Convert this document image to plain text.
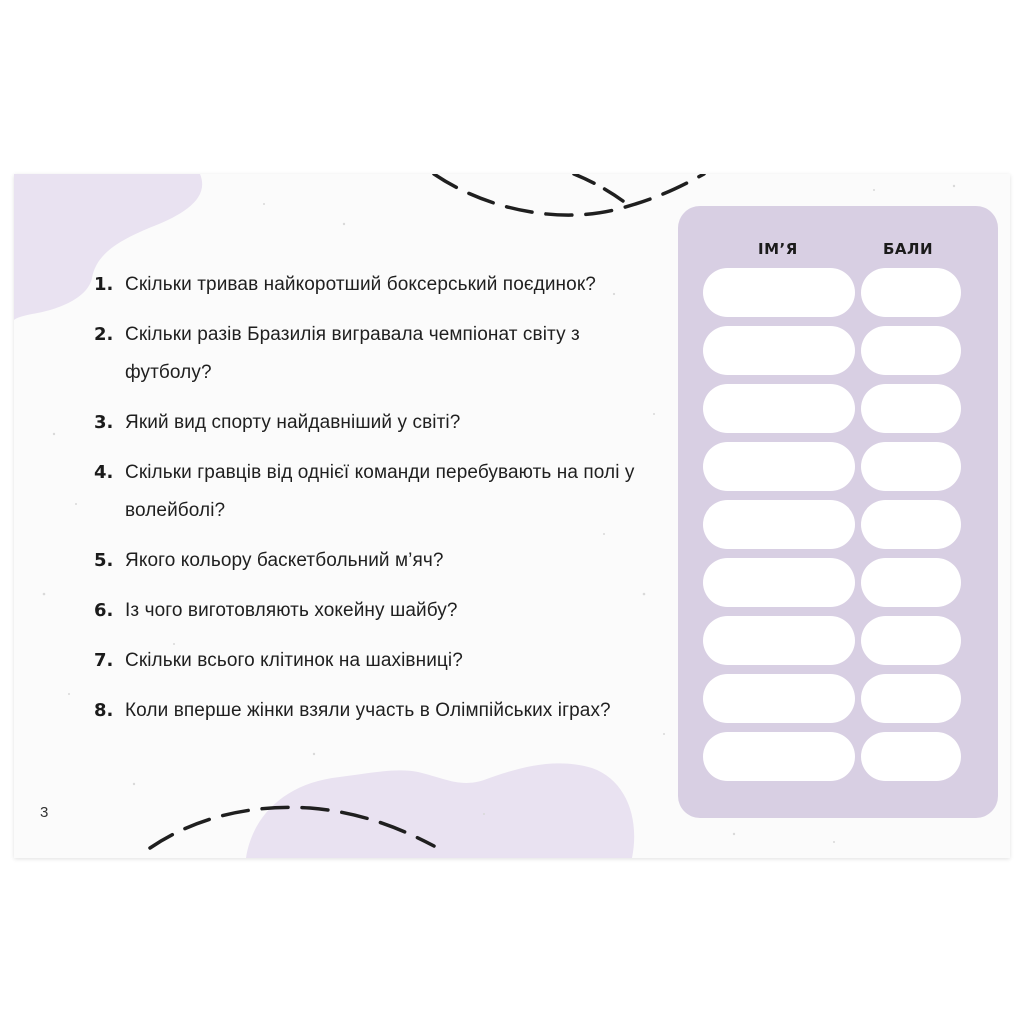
1. Скільки тривав найкоротший боксерський поєдинок?
2. Скільки разів Бразилія вигравала чемпіонат світу з футболу?
3. Який вид спорту найдавніший у світі?
4. Скільки гравців від однієї команди перебувають на полі у волейболі?
5. Якого кольору баскетбольний м’яч?
6. Із чого виготовляють хокейну шайбу?
7. Скільки всього клітинок на шахівниці?
8. Коли вперше жінки взяли участь в Олімпійських іграх?
3
ІМ’Я	БАЛИ
